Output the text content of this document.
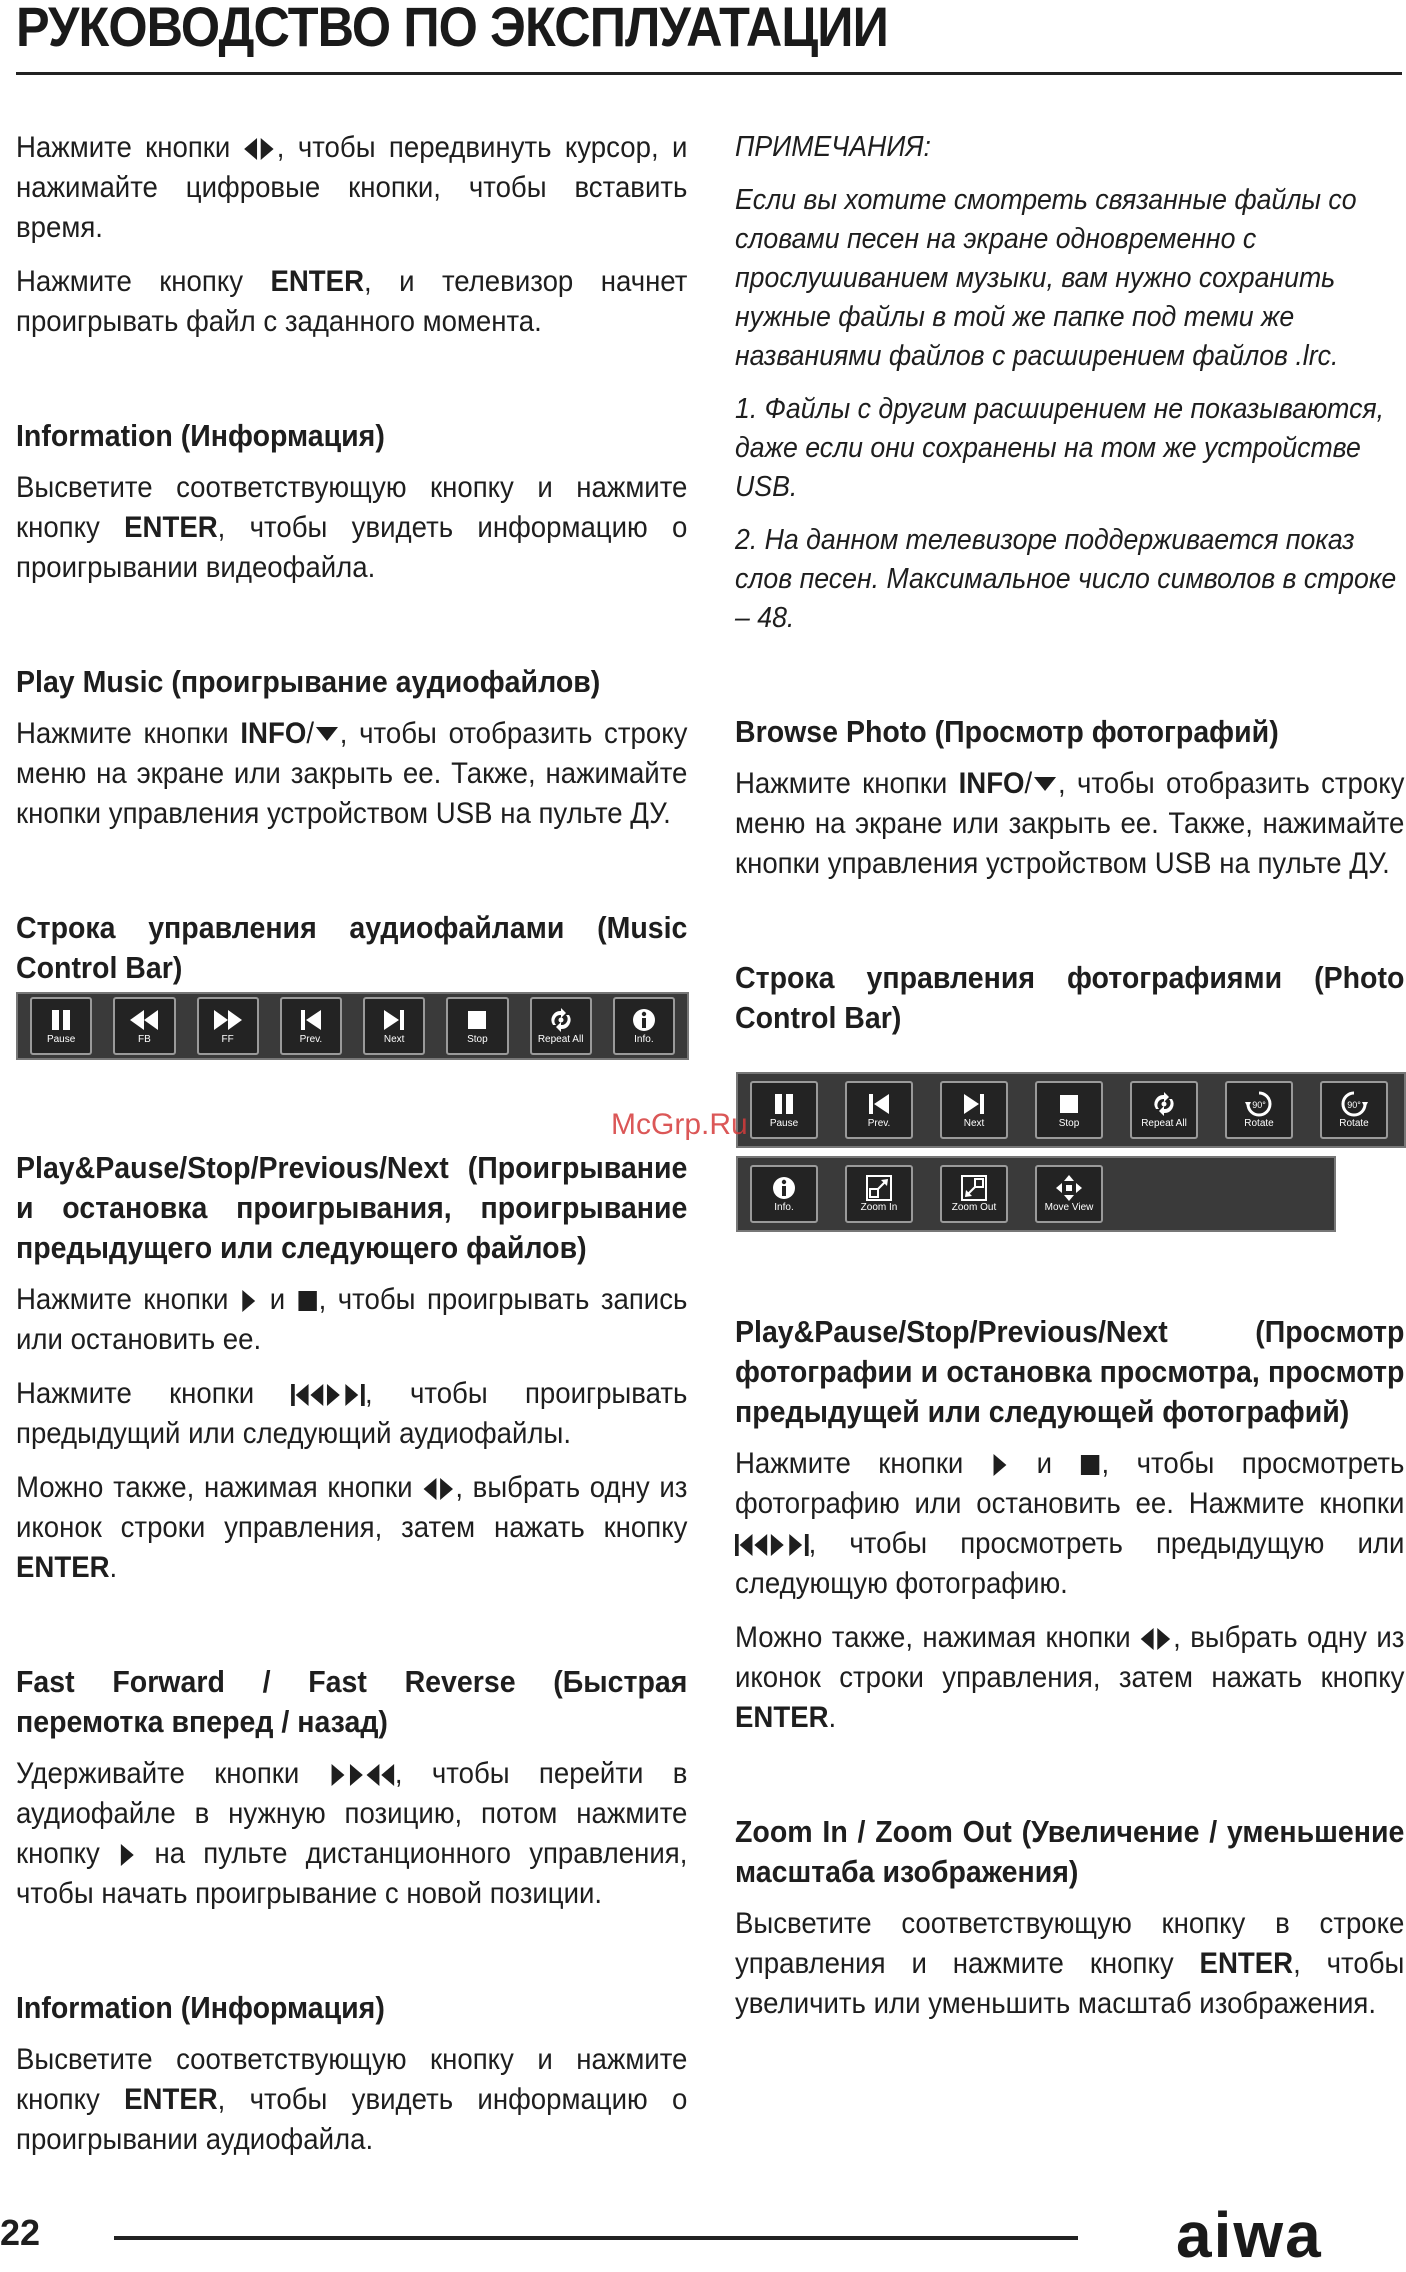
РУКОВОДСТВО ПО ЭКСПЛУАТАЦИИ

Нажмите кнопки , чтобы передвинуть курсор, и нажимайте цифровые кнопки, чтобы вставить время.

Нажмите кнопку ENTER, и телевизор начнет проигрывать файл с заданного момента.

Information (Информация)

Высветите соответствующую кнопку и нажмите кнопку ENTER, чтобы увидеть информацию о проигрывании видеофайла.

Play Music (проигрывание аудиофайлов)

Нажмите кнопки INFO/ , чтобы отобразить строку меню на экране или закрыть ее. Также, нажимайте кнопки управления устройством USB на пульте ДУ.

Строка управления аудиофайлами (Music Control Bar)
Pause	FB	FF	Prev.	Next	Stop	Repeat All	Info.
Play&Pause/Stop/Previous/Next (Проигрывание и остановка проигрывания, проигрывание предыдущего или следующего файлов)

Нажмите кнопки  и , чтобы проигрывать запись или остановить ее.

Нажмите кнопки , чтобы проигрывать предыдущий или следующий аудиофайлы.

Можно также, нажимая кнопки , выбрать одну из иконок строки управления, затем нажать кнопку ENTER.

Fast Forward / Fast Reverse (Быстрая перемотка вперед / назад)

Удерживайте кнопки , чтобы перейти в аудиофайле в нужную позицию, потом нажмите кнопку  на пульте дистанционного управления, чтобы начать проигрывание с новой позиции.

Information (Информация)

Высветите соответствующую кнопку и нажмите кнопку ENTER, чтобы увидеть информацию о проигрывании аудиофайла.

ПРИМЕЧАНИЯ:

Если вы хотите смотреть связанные файлы со словами песен на экране одновременно с прослушиванием музыки, вам нужно сохранить нужные файлы в той же папке под теми же названиями файлов с расширением файлов .lrc.

1. Файлы с другим расширением не показываются, даже если они сохранены на том же устройстве USB.

2. На данном телевизоре поддерживается показ слов песен. Максимальное число символов в строке – 48.

Browse Photo (Просмотр фотографий)

Нажмите кнопки INFO/ , чтобы отобразить строку меню на экране или закрыть ее. Также, нажимайте кнопки управления устройством USB на пульте ДУ.

Строка управления фотографиями (Photo Control Bar)
Pause	Prev.	Next	Stop	Repeat All
90°
Rotate
90°
Rotate
Info.	Zoom In	Zoom Out	Move View
Play&Pause/Stop/Previous/Next (Просмотр фотографии и остановка просмотра, просмотр предыдущей или следующей фотографий)

Нажмите кнопки  и , чтобы просмотреть фотографию или остановить ее. Нажмите кнопки , чтобы просмотреть предыдущую или следующую фотографию.

Можно также, нажимая кнопки , выбрать одну из иконок строки управления, затем нажать кнопку ENTER.

Zoom In / Zoom Out (Увеличение / уменьшение масштаба изображения)

Высветите соответствующую кнопку в строке управления и нажмите кнопку ENTER, чтобы увеличить или уменьшить масштаб изображения.

McGrp.Ru
22	aiwa
